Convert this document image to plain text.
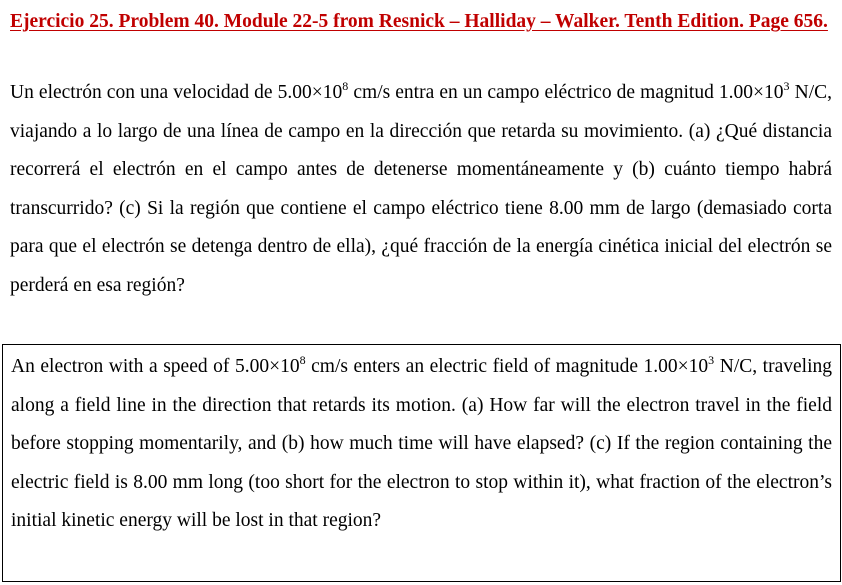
Ejercicio 25. Problem 40. Module 22-5 from Resnick – Halliday – Walker. Tenth Edition. Page 656.

Un electrón con una velocidad de $5.00\times 10^8$ cm/s entra en un campo eléctrico de magnitud $1.00\times 10^3$ N/C, viajando a lo largo de una línea de campo en la dirección que retarda su movimiento. (a) ¿Qué distancia recorrerá el electrón en el campo antes de detenerse momentáneamente y (b) cuánto tiempo habrá transcurrido? (c) Si la región que contiene el campo eléctrico tiene 8.00 mm de largo (demasiado corta para que el electrón se detenga dentro de ella), ¿qué fracción de la energía cinética inicial del electrón se perderá en esa región?

An electron with a speed of $5.00\times 10^8$ cm/s enters an electric field of magnitude $1.00\times 10^3$ N/C, traveling along a field line in the direction that retards its motion. (a) How far will the electron travel in the field before stopping momentarily, and (b) how much time will have elapsed? (c) If the region containing the electric field is 8.00 mm long (too short for the electron to stop within it), what fraction of the electron’s initial kinetic energy will be lost in that region?
